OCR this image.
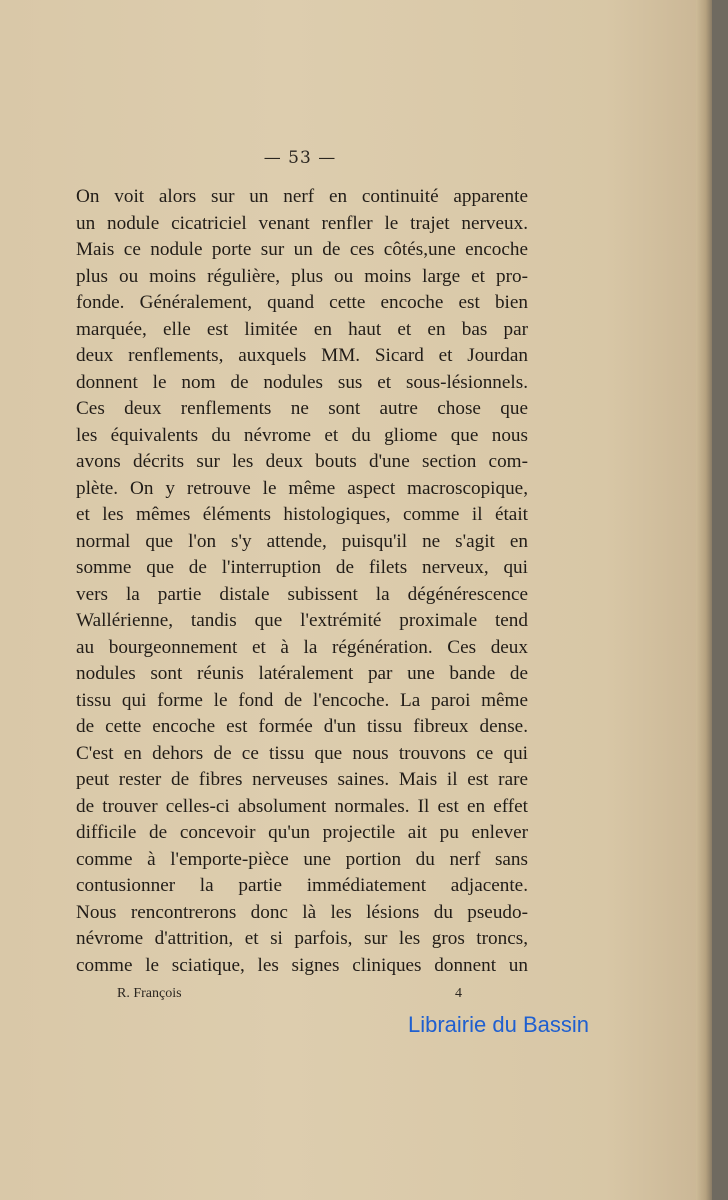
— 53 —
On voit alors sur un nerf en continuité apparente
un nodule cicatriciel venant renfler le trajet nerveux.
Mais ce nodule porte sur un de ces côtés,une encoche
plus ou moins régulière, plus ou moins large et pro-
fonde. Généralement, quand cette encoche est bien
marquée, elle est limitée en haut et en bas par
deux renflements, auxquels MM. Sicard et Jourdan
donnent le nom de nodules sus et sous-lésionnels.
Ces deux renflements ne sont autre chose que
les équivalents du névrome et du gliome que nous
avons décrits sur les deux bouts d'une section com-
plète. On y retrouve le même aspect macroscopique,
et les mêmes éléments histologiques, comme il était
normal que l'on s'y attende, puisqu'il ne s'agit en
somme que de l'interruption de filets nerveux, qui
vers la partie distale subissent la dégénérescence
Wallérienne, tandis que l'extrémité proximale tend
au bourgeonnement et à la régénération. Ces deux
nodules sont réunis latéralement par une bande de
tissu qui forme le fond de l'encoche. La paroi même
de cette encoche est formée d'un tissu fibreux dense.
C'est en dehors de ce tissu que nous trouvons ce qui
peut rester de fibres nerveuses saines. Mais il est rare
de trouver celles-ci absolument normales. Il est en effet
difficile de concevoir qu'un projectile ait pu enlever
comme à l'emporte-pièce une portion du nerf sans
contusionner la partie immédiatement adjacente.
Nous rencontrerons donc là les lésions du pseudo-
névrome d'attrition, et si parfois, sur les gros troncs,
comme le sciatique, les signes cliniques donnent un
R. François	4
Librairie du Bassin
